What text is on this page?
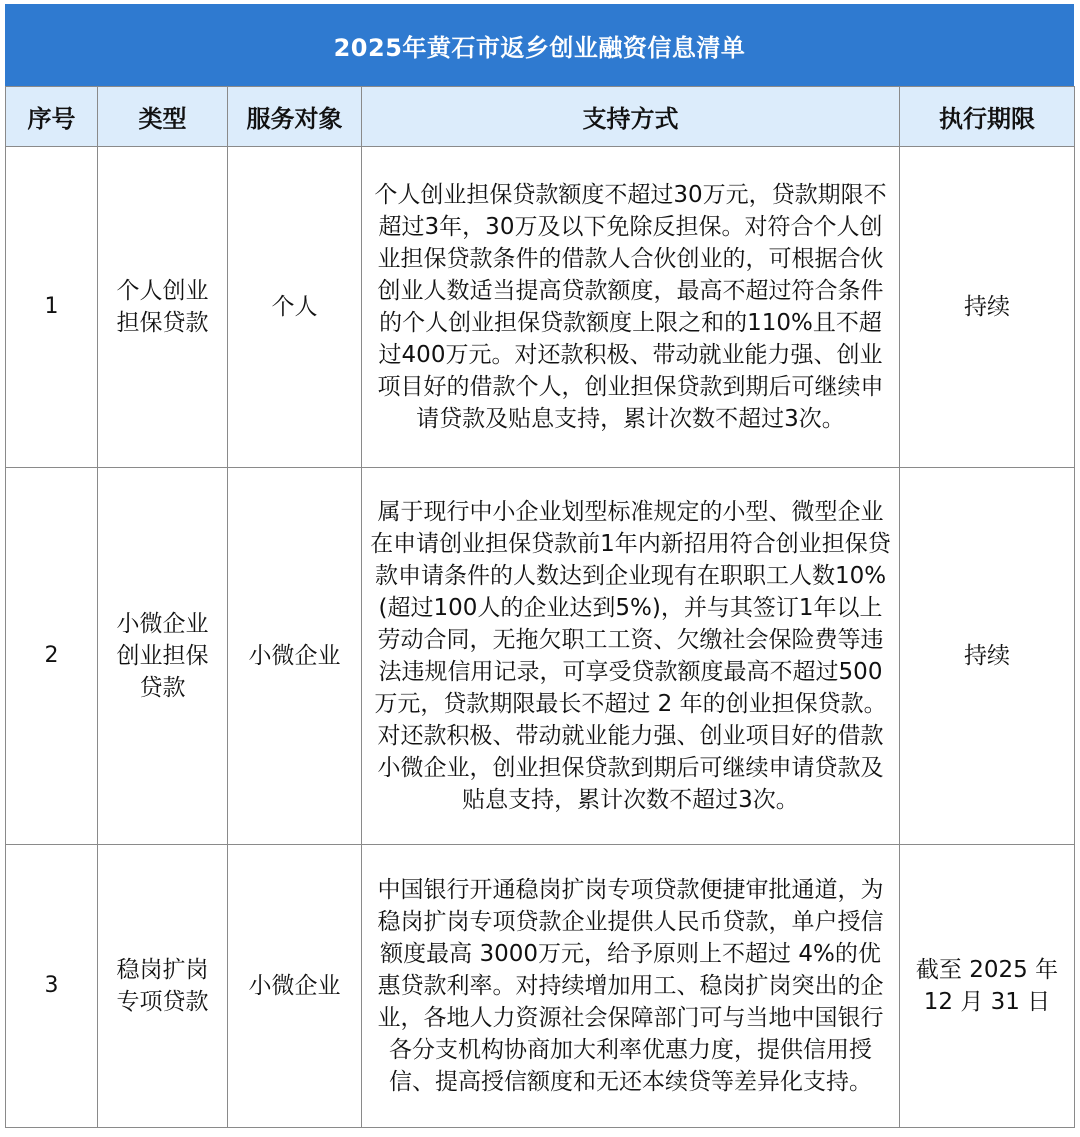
2025年黄石市返乡创业融资信息清单
序号	类型	服务对象	支持方式	执行期限
1	个人创业担保贷款	个人	个人创业担保贷款额度不超过30万元，贷款期限不超过3年，30万及以下免除反担保。对符合个人创业担保贷款条件的借款人合伙创业的，可根据合伙创业人数适当提高贷款额度，最高不超过符合条件的个人创业担保贷款额度上限之和的110%且不超过400万元。对还款积极、带动就业能力强、创业项目好的借款个人，创业担保贷款到期后可继续申请贷款及贴息支持，累计次数不超过3次。	持续
2	小微企业创业担保贷款	小微企业	属于现行中小企业划型标准规定的小型、微型企业在申请创业担保贷款前1年内新招用符合创业担保贷款申请条件的人数达到企业现有在职职工人数10%(超过100人的企业达到5%)，并与其签订1年以上劳动合同，无拖欠职工工资、欠缴社会保险费等违法违规信用记录，可享受贷款额度最高不超过500万元，贷款期限最长不超过 2 年的创业担保贷款。对还款积极、带动就业能力强、创业项目好的借款小微企业，创业担保贷款到期后可继续申请贷款及贴息支持，累计次数不超过3次。	持续
3	稳岗扩岗专项贷款	小微企业	中国银行开通稳岗扩岗专项贷款便捷审批通道，为稳岗扩岗专项贷款企业提供人民币贷款，单户授信额度最高 3000万元，给予原则上不超过 4%的优惠贷款利率。对持续增加用工、稳岗扩岗突出的企业，各地人力资源社会保障部门可与当地中国银行各分支机构协商加大利率优惠力度，提供信用授信、提高授信额度和无还本续贷等差异化支持。	截至 2025 年 12 月 31 日
